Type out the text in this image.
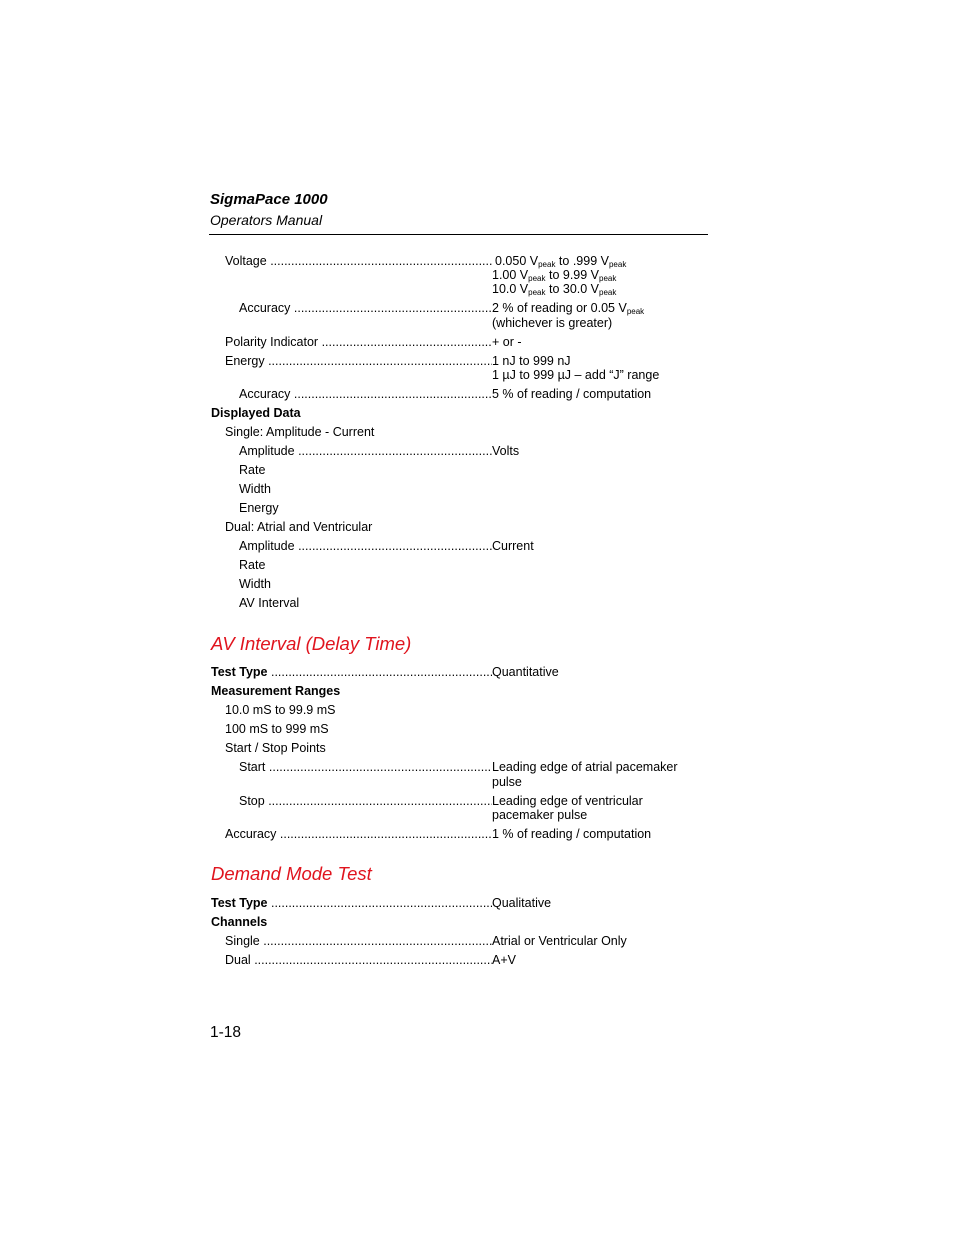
SigmaPace 1000
Operators Manual
Voltage .....	0.050 $V_{peak}$ to .999 $V_{peak}$
1.00 $V_{peak}$ to 9.99 $V_{peak}$
10.0 $V_{peak}$ to 30.0 $V_{peak}$
Accuracy .....	2 % of reading or 0.05 $V_{peak}$
(whichever is greater)
Polarity Indicator .....	+ or -
Energy .....	1 nJ to 999 nJ
1 µJ to 999 µJ – add “J” range
Accuracy .....	5 % of reading / computation
Displayed Data
Single: Amplitude - Current
Amplitude .....	Volts
Rate
Width
Energy
Dual: Atrial and Ventricular
Amplitude .....	Current
Rate
Width
AV Interval
AV Interval (Delay Time)
Test Type .....	Quantitative
Measurement Ranges
10.0 mS to 99.9 mS
100 mS to 999 mS
Start / Stop Points
Start .....	Leading edge of atrial pacemaker
pulse
Stop .....	Leading edge of ventricular
pacemaker pulse
Accuracy .....	1 % of reading / computation
Demand Mode Test
Test Type .....	Qualitative
Channels
Single .....	Atrial or Ventricular Only
Dual .....	A+V
1-18
